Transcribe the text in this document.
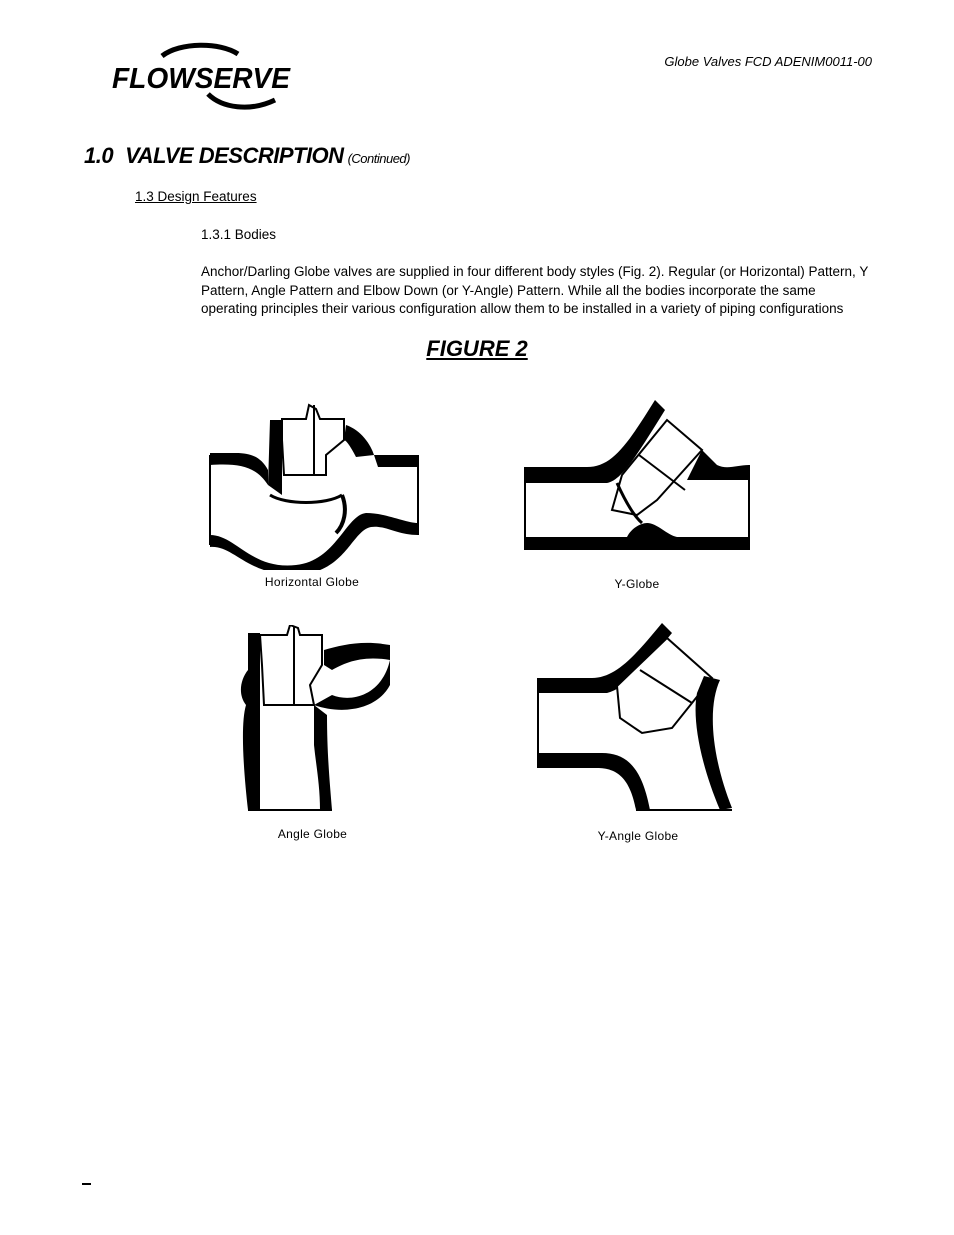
FLOWSERVE
Globe Valves FCD ADENIM0011-00
1.0 VALVE DESCRIPTION (Continued)
1.3 Design Features
1.3.1 Bodies
Anchor/Darling Globe valves are supplied in four different body styles (Fig. 2). Regular (or Horizontal) Pattern, Y Pattern, Angle Pattern and Elbow Down (or Y-Angle) Pattern. While all the bodies incorporate the same operating principles their various configuration allow them to be installed in a variety of piping configurations
FIGURE 2
Horizontal Globe	Y-Globe
Angle Globe	Y-Angle Globe
